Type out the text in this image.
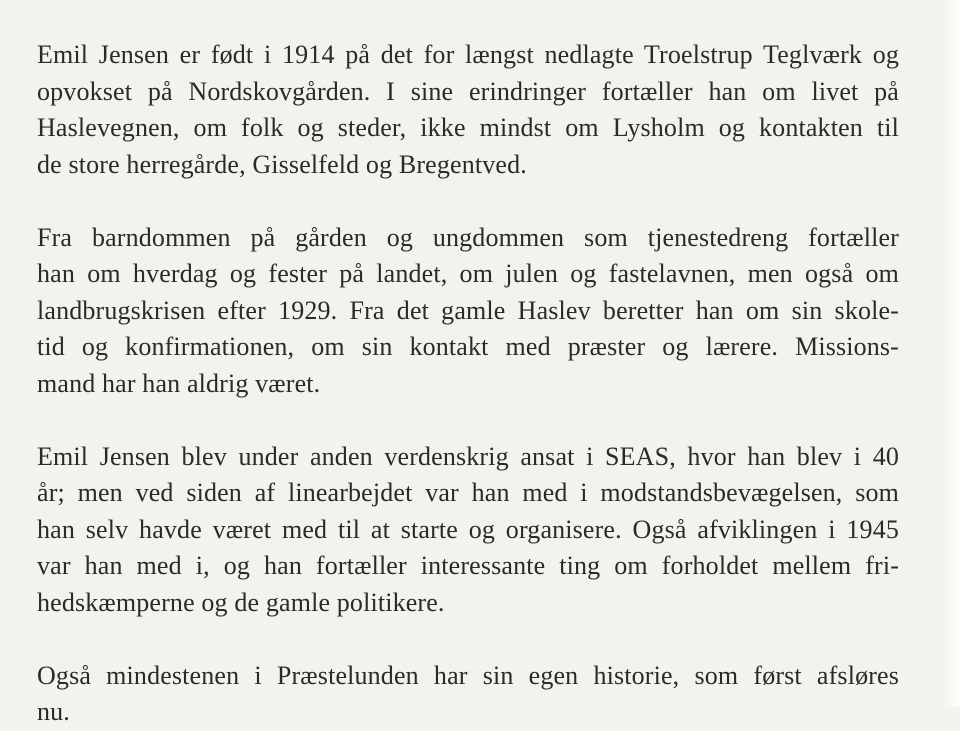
Emil Jensen er født i 1914 på det for længst nedlagte Troelstrup Teglværk og
opvokset på Nordskovgården. I sine erindringer fortæller han om livet på
Haslevegnen, om folk og steder, ikke mindst om Lysholm og kontakten til
de store herregårde, Gisselfeld og Bregentved.

Fra barndommen på gården og ungdommen som tjenestedreng fortæller
han om hverdag og fester på landet, om julen og fastelavnen, men også om
landbrugskrisen efter 1929. Fra det gamle Haslev beretter han om sin skole-
tid og konfirmationen, om sin kontakt med præster og lærere. Missions-
mand har han aldrig været.

Emil Jensen blev under anden verdenskrig ansat i SEAS, hvor han blev i 40
år; men ved siden af linearbejdet var han med i modstandsbevægelsen, som
han selv havde været med til at starte og organisere. Også afviklingen i 1945
var han med i, og han fortæller interessante ting om forholdet mellem fri-
hedskæmperne og de gamle politikere.

Også mindestenen i Præstelunden har sin egen historie, som først afsløres
nu.
